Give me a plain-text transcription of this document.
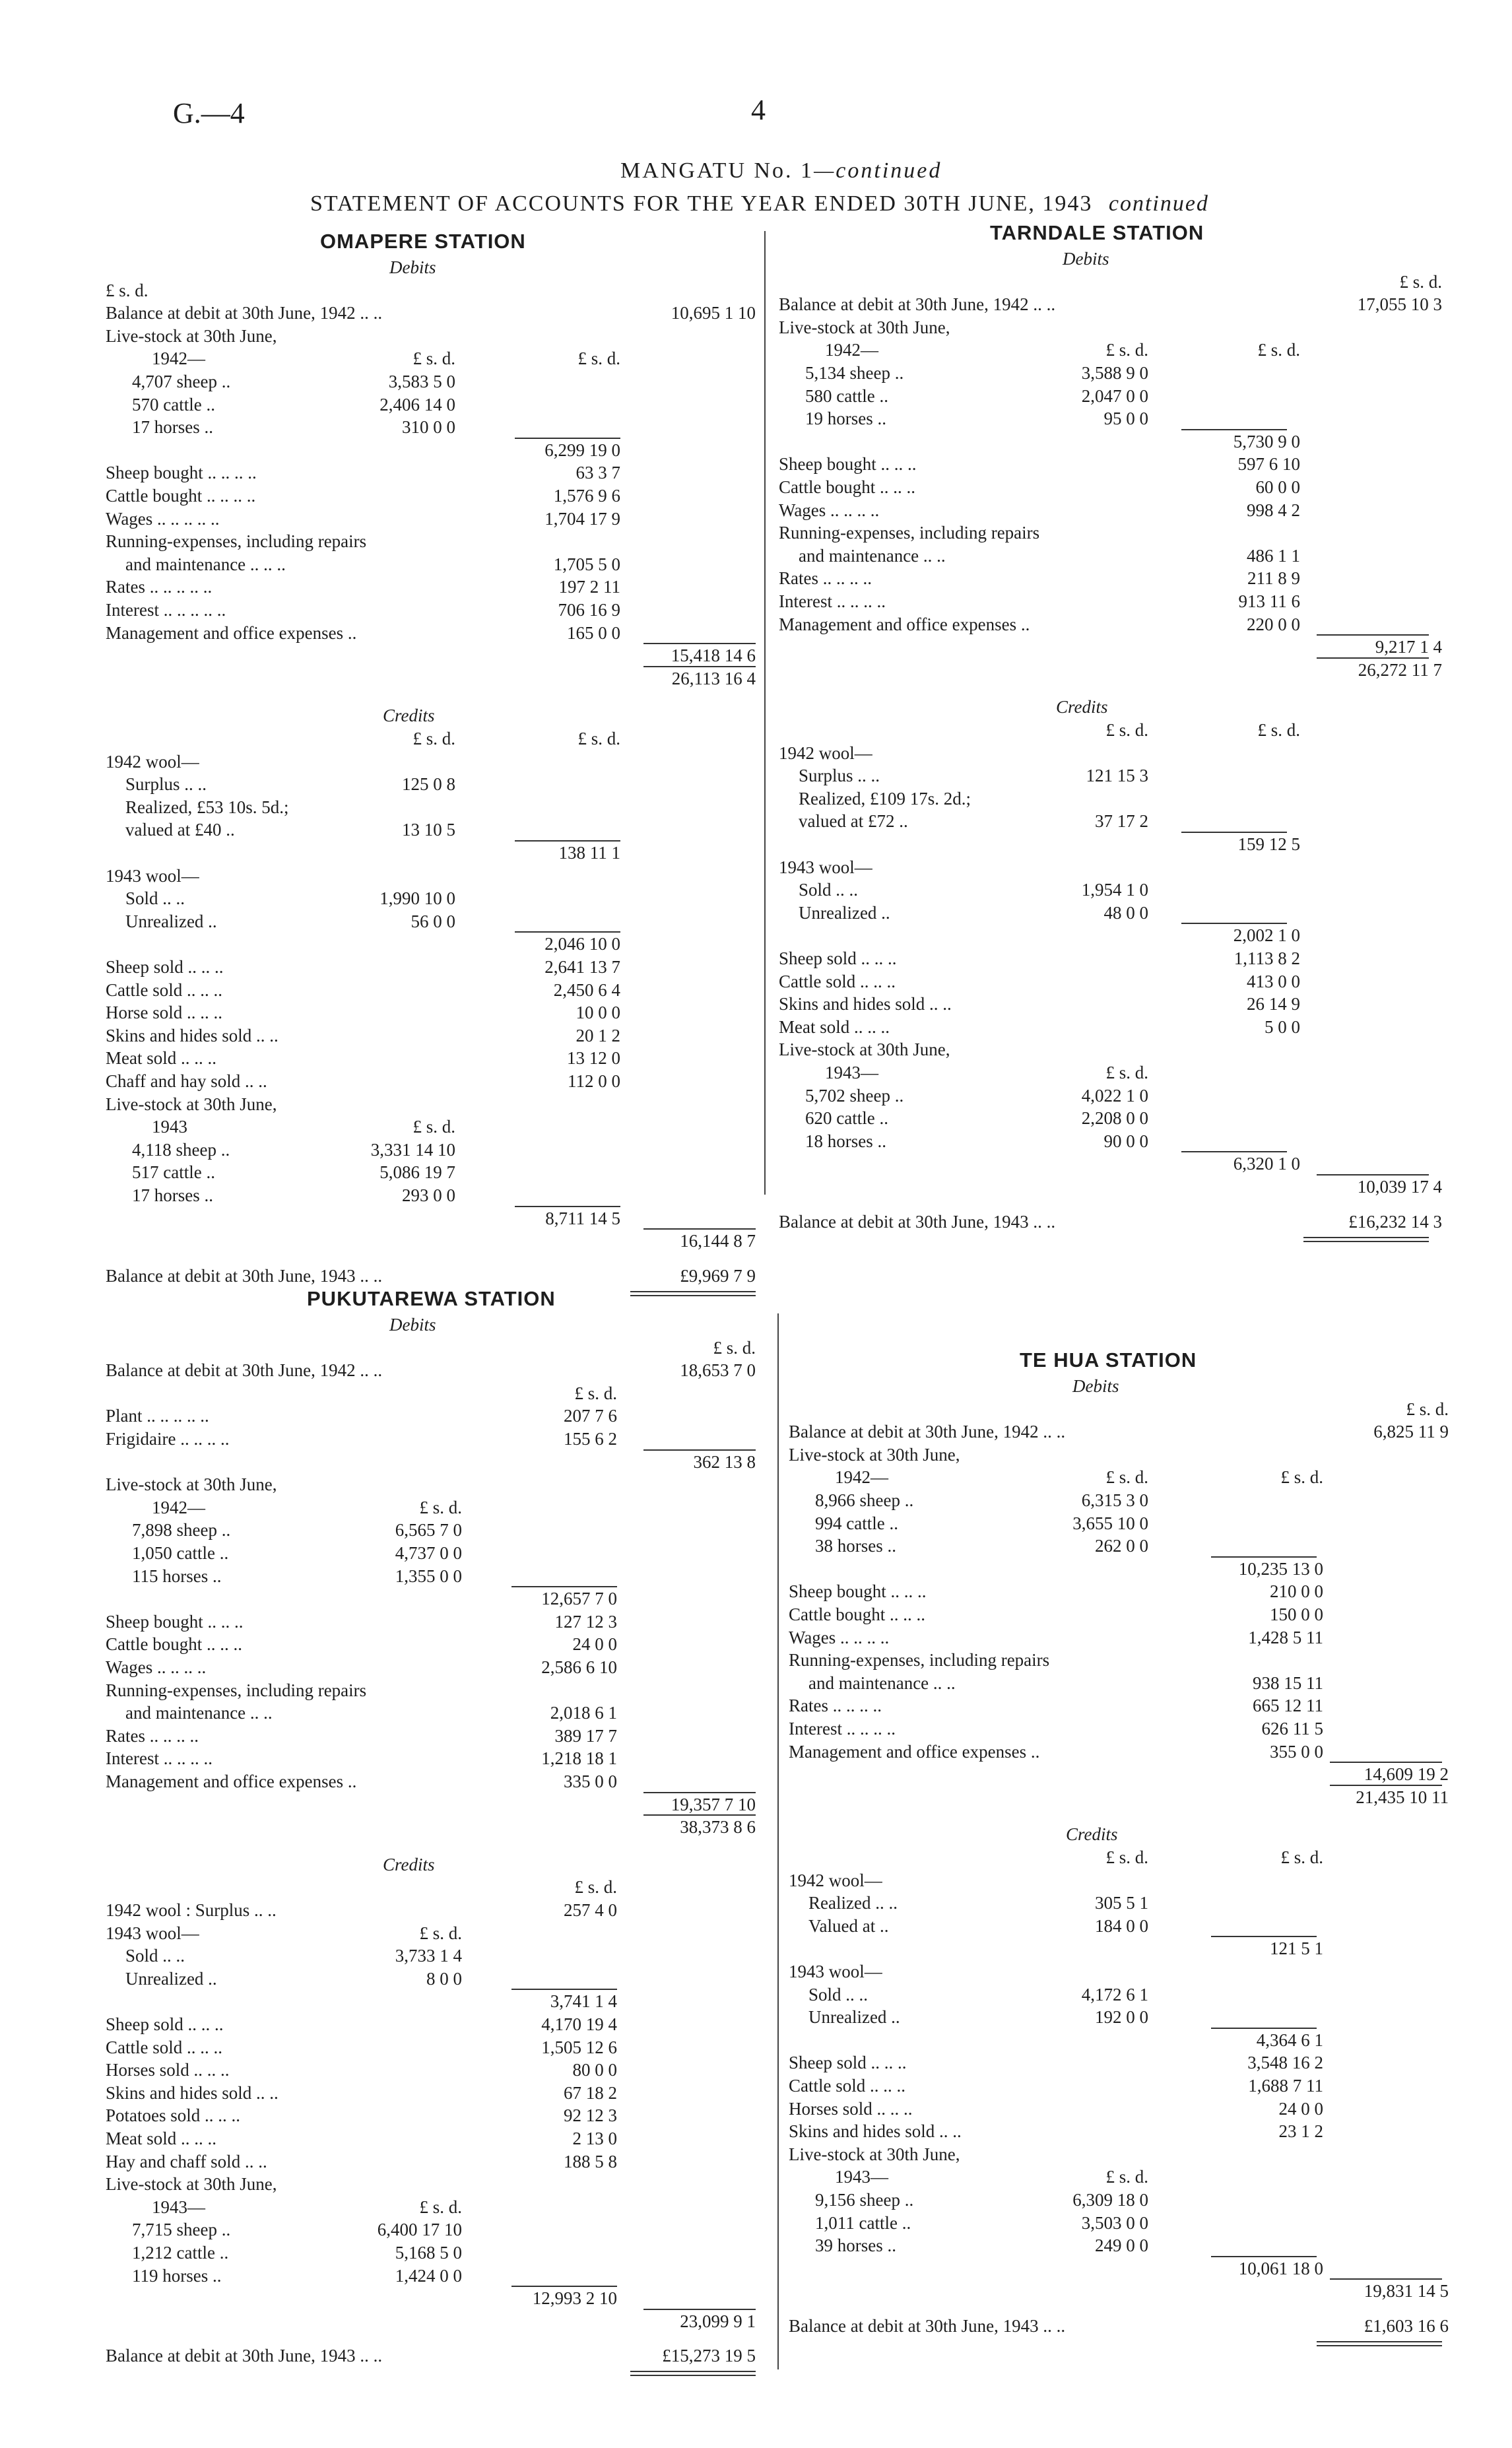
G.—4	4
MANGATU No. 1—continued
STATEMENT OF ACCOUNTS FOR THE YEAR ENDED 30TH JUNE, 1943 continued
OMAPERE STATION
Debits
£ s. d.
Balance at debit at 30th June, 1942 .. ..	10,695 1 10
Live-stock at 30th June,
1942—	£ s. d.	£ s. d.
4,707 sheep ..	3,583 5 0
570 cattle ..	2,406 14 0
17 horses ..	310 0 0
6,299 19 0
Sheep bought .. .. .. ..	63 3 7
Cattle bought .. .. .. ..	1,576 9 6
Wages .. .. .. .. ..	1,704 17 9
Running-expenses, including repairs
and maintenance .. .. ..	1,705 5 0
Rates .. .. .. .. ..	197 2 11
Interest .. .. .. .. ..	706 16 9
Management and office expenses ..	165 0 0
15,418 14 6
26,113 16 4
Credits
£ s. d.	£ s. d.
1942 wool—
Surplus .. ..	125 0 8
Realized, £53 10s. 5d.;
valued at £40 ..	13 10 5
138 11 1
1943 wool—
Sold .. ..	1,990 10 0
Unrealized ..	56 0 0
2,046 10 0
Sheep sold .. .. ..	2,641 13 7
Cattle sold .. .. ..	2,450 6 4
Horse sold .. .. ..	10 0 0
Skins and hides sold .. ..	20 1 2
Meat sold .. .. ..	13 12 0
Chaff and hay sold .. ..	112 0 0
Live-stock at 30th June,
1943	£ s. d.
4,118 sheep ..	3,331 14 10
517 cattle ..	5,086 19 7
17 horses ..	293 0 0
8,711 14 5
16,144 8 7
Balance at debit at 30th June, 1943 .. ..	£9,969 7 9
TARNDALE STATION
Debits
£ s. d.
Balance at debit at 30th June, 1942 .. ..	17,055 10 3
Live-stock at 30th June,
1942—	£ s. d.	£ s. d.
5,134 sheep ..	3,588 9 0
580 cattle ..	2,047 0 0
19 horses ..	95 0 0
5,730 9 0
Sheep bought .. .. ..	597 6 10
Cattle bought .. .. ..	60 0 0
Wages .. .. .. ..	998 4 2
Running-expenses, including repairs
and maintenance .. ..	486 1 1
Rates .. .. .. ..	211 8 9
Interest .. .. .. ..	913 11 6
Management and office expenses ..	220 0 0
9,217 1 4
26,272 11 7
Credits
£ s. d.	£ s. d.
1942 wool—
Surplus .. ..	121 15 3
Realized, £109 17s. 2d.;
valued at £72 ..	37 17 2
159 12 5
1943 wool—
Sold .. ..	1,954 1 0
Unrealized ..	48 0 0
2,002 1 0
Sheep sold .. .. ..	1,113 8 2
Cattle sold .. .. ..	413 0 0
Skins and hides sold .. ..	26 14 9
Meat sold .. .. ..	5 0 0
Live-stock at 30th June,
1943—	£ s. d.
5,702 sheep ..	4,022 1 0
620 cattle ..	2,208 0 0
18 horses ..	90 0 0
6,320 1 0
10,039 17 4
Balance at debit at 30th June, 1943 .. ..	£16,232 14 3
PUKUTAREWA STATION
Debits
£ s. d.
Balance at debit at 30th June, 1942 .. ..	18,653 7 0
£ s. d.
Plant .. .. .. .. ..	207 7 6
Frigidaire .. .. .. ..	155 6 2
362 13 8
Live-stock at 30th June,
1942—	£ s. d.
7,898 sheep ..	6,565 7 0
1,050 cattle ..	4,737 0 0
115 horses ..	1,355 0 0
12,657 7 0
Sheep bought .. .. ..	127 12 3
Cattle bought .. .. ..	24 0 0
Wages .. .. .. ..	2,586 6 10
Running-expenses, including repairs
and maintenance .. ..	2,018 6 1
Rates .. .. .. ..	389 17 7
Interest .. .. .. ..	1,218 18 1
Management and office expenses ..	335 0 0
19,357 7 10
38,373 8 6
Credits
£ s. d.
1942 wool : Surplus .. ..	257 4 0
1943 wool—	£ s. d.
Sold .. ..	3,733 1 4
Unrealized ..	8 0 0
3,741 1 4
Sheep sold .. .. ..	4,170 19 4
Cattle sold .. .. ..	1,505 12 6
Horses sold .. .. ..	80 0 0
Skins and hides sold .. ..	67 18 2
Potatoes sold .. .. ..	92 12 3
Meat sold .. .. ..	2 13 0
Hay and chaff sold .. ..	188 5 8
Live-stock at 30th June,
1943—	£ s. d.
7,715 sheep ..	6,400 17 10
1,212 cattle ..	5,168 5 0
119 horses ..	1,424 0 0
12,993 2 10
23,099 9 1
Balance at debit at 30th June, 1943 .. ..	£15,273 19 5
TE HUA STATION
Debits
£ s. d.
Balance at debit at 30th June, 1942 .. ..	6,825 11 9
Live-stock at 30th June,
1942—	£ s. d.	£ s. d.
8,966 sheep ..	6,315 3 0
994 cattle ..	3,655 10 0
38 horses ..	262 0 0
10,235 13 0
Sheep bought .. .. ..	210 0 0
Cattle bought .. .. ..	150 0 0
Wages .. .. .. ..	1,428 5 11
Running-expenses, including repairs
and maintenance .. ..	938 15 11
Rates .. .. .. ..	665 12 11
Interest .. .. .. ..	626 11 5
Management and office expenses ..	355 0 0
14,609 19 2
21,435 10 11
Credits
£ s. d.	£ s. d.
1942 wool—
Realized .. ..	305 5 1
Valued at ..	184 0 0
121 5 1
1943 wool—
Sold .. ..	4,172 6 1
Unrealized ..	192 0 0
4,364 6 1
Sheep sold .. .. ..	3,548 16 2
Cattle sold .. .. ..	1,688 7 11
Horses sold .. .. ..	24 0 0
Skins and hides sold .. ..	23 1 2
Live-stock at 30th June,
1943—	£ s. d.
9,156 sheep ..	6,309 18 0
1,011 cattle ..	3,503 0 0
39 horses ..	249 0 0
10,061 18 0
19,831 14 5
Balance at debit at 30th June, 1943 .. ..	£1,603 16 6
